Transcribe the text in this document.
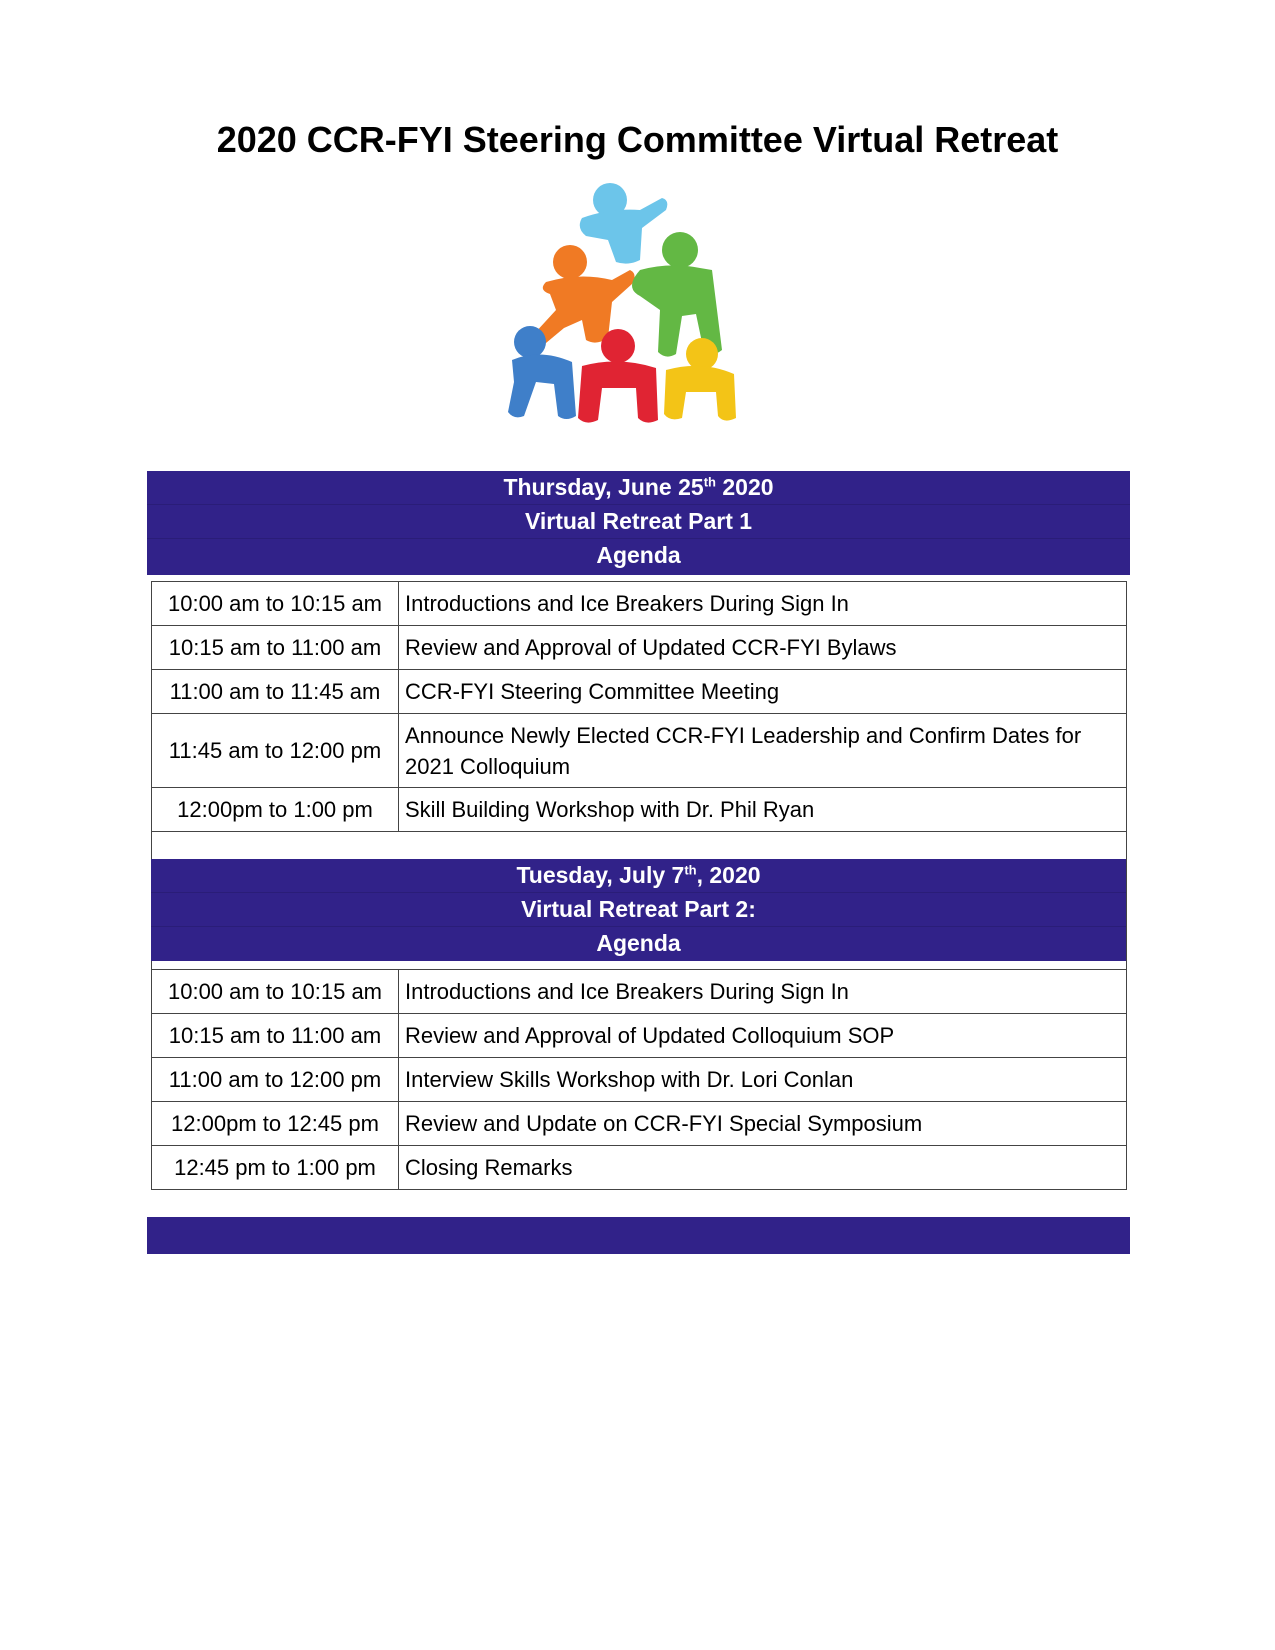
2020 CCR-FYI Steering Committee Virtual Retreat
Thursday, June 25th 2020
Virtual Retreat Part 1
Agenda
10:00 am to 10:15 am	Introductions and Ice Breakers During Sign In
10:15 am to 11:00 am	Review and Approval of Updated CCR-FYI Bylaws
11:00 am to 11:45 am	CCR-FYI Steering Committee Meeting
11:45 am to 12:00 pm	Announce Newly Elected CCR-FYI Leadership and Confirm Dates for 2021 Colloquium
12:00pm to 1:00 pm	Skill Building Workshop with Dr. Phil Ryan
Tuesday, July 7th, 2020
Virtual Retreat Part 2:
Agenda
10:00 am to 10:15 am	Introductions and Ice Breakers During Sign In
10:15 am to 11:00 am	Review and Approval of Updated Colloquium SOP
11:00 am to 12:00 pm	Interview Skills Workshop with Dr. Lori Conlan
12:00pm to 12:45 pm	Review and Update on CCR-FYI Special Symposium
12:45 pm to 1:00 pm	Closing Remarks
